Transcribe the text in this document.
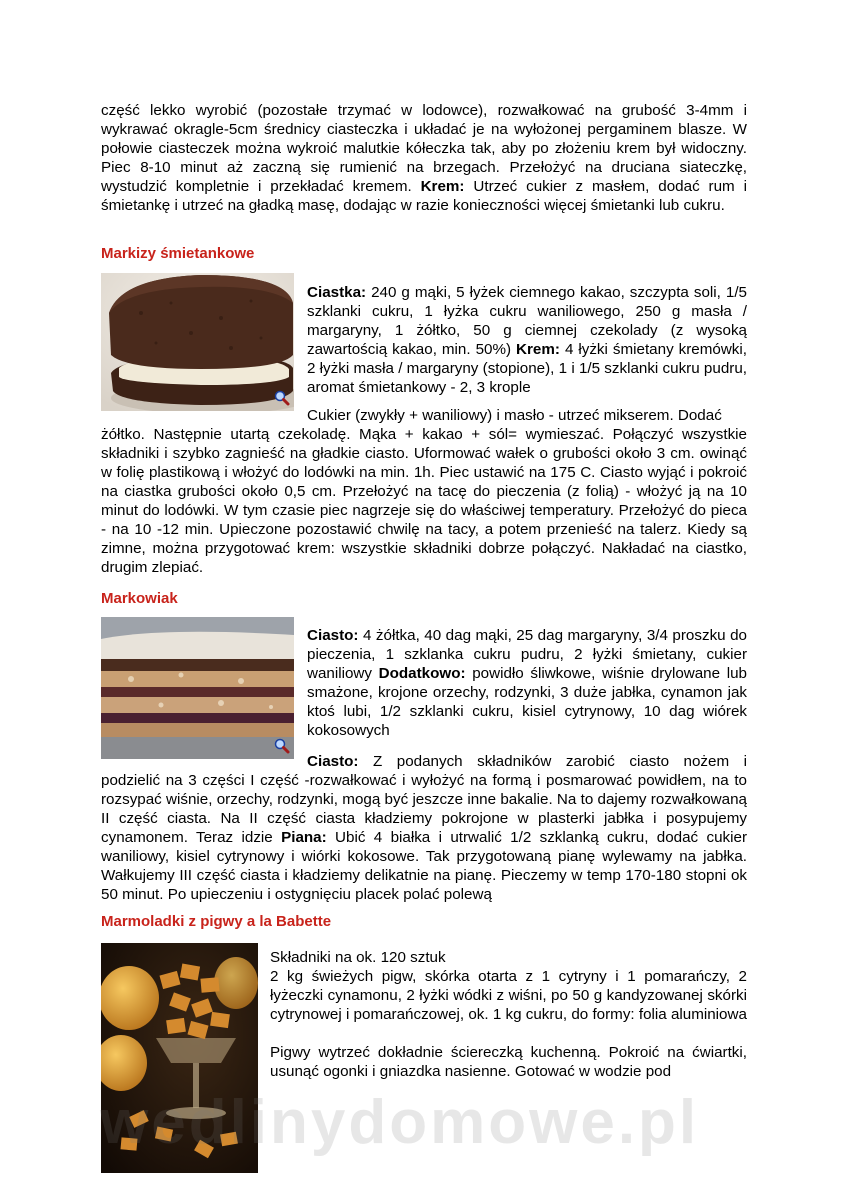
część lekko wyrobić (pozostałe trzymać w lodowce), rozwałkować na grubość 3-4mm i wykrawać okragle-5cm średnicy ciasteczka i układać je na wyłożonej pergaminem blasze. W połowie ciasteczek można wykroić malutkie kółeczka tak, aby po złożeniu krem był widoczny. Piec 8-10 minut aż zaczną się rumienić na brzegach. Przełożyć na druciana siateczkę, wystudzić kompletnie i przekładać kremem. Krem: Utrzeć cukier z masłem, dodać rum i śmietankę i utrzeć na gładką masę, dodając w razie konieczności więcej śmietanki lub cukru.

Markizy śmietankowe

Ciastka: 240 g mąki, 5 łyżek ciemnego kakao, szczypta soli, 1/5 szklanki cukru, 1 łyżka cukru waniliowego, 250 g masła / margaryny, 1 żółtko, 50 g ciemnej czekolady (z wysoką zawartością kakao, min. 50%) Krem: 4 łyżki śmietany kremówki, 2 łyżki masła / margaryny (stopione), 1 i 1/5 szklanki cukru pudru, aromat śmietankowy - 2, 3 krople

Cukier (zwykły + waniliowy) i masło - utrzeć mikserem. Dodać

żółtko. Następnie utartą czekoladę. Mąka + kakao + sól= wymieszać. Połączyć wszystkie składniki i szybko zagnieść na gładkie ciasto. Uformować wałek o grubości około 3 cm. owinąć w folię plastikową i włożyć do lodówki na min. 1h. Piec ustawić na 175 C. Ciasto wyjąć i pokroić na ciastka grubości około 0,5 cm. Przełożyć na tacę do pieczenia (z folią) - włożyć ją na 10 minut do lodówki. W tym czasie piec nagrzeje się do właściwej temperatury. Przełożyć do pieca - na 10 -12 min. Upieczone pozostawić chwilę na tacy, a potem przenieść na talerz. Kiedy są zimne, można przygotować krem: wszystkie składniki dobrze połączyć. Nakładać na ciastko, drugim zlepiać.

Markowiak

Ciasto: 4 żółtka, 40 dag mąki, 25 dag margaryny, 3/4 proszku do pieczenia, 1 szklanka cukru pudru, 2 łyżki śmietany, cukier waniliowy Dodatkowo: powidło śliwkowe, wiśnie drylowane lub smażone, krojone orzechy, rodzynki, 3 duże jabłka, cynamon jak ktoś lubi, 1/2 szklanki cukru, kisiel cytrynowy, 10 dag wiórek kokosowych

Ciasto: Z podanych składników zarobić ciasto nożem i

podzielić na 3 części I część -rozwałkować i wyłożyć na formą i posmarować powidłem, na to rozsypać wiśnie, orzechy, rodzynki, mogą być jeszcze inne bakalie. Na to dajemy rozwałkowaną II część ciasta. Na II część ciasta kładziemy pokrojone w plasterki jabłka i posypujemy cynamonem. Teraz idzie Piana: Ubić 4 białka i utrwalić 1/2 szklanką cukru, dodać cukier waniliowy, kisiel cytrynowy i wiórki kokosowe. Tak przygotowaną pianę wylewamy na jabłka. Wałkujemy III część ciasta i kładziemy delikatnie na pianę. Pieczemy w temp 170-180 stopni ok 50 minut. Po upieczeniu i ostygnięciu placek polać polewą

Marmoladki z pigwy a la Babette

Składniki na ok. 120 sztuk

2 kg świeżych pigw, skórka otarta z 1 cytryny i 1 pomarańczy, 2 łyżeczki cynamonu, 2 łyżki wódki z wiśni, po 50 g kandyzowanej skórki cytrynowej i pomarańczowej, ok. 1 kg cukru, do formy: folia aluminiowa

Pigwy wytrzeć dokładnie ściereczką kuchenną. Pokroić na ćwiartki, usunąć ogonki i gniazdka nasienne. Gotować w wodzie pod

wedlinydomowe.pl
